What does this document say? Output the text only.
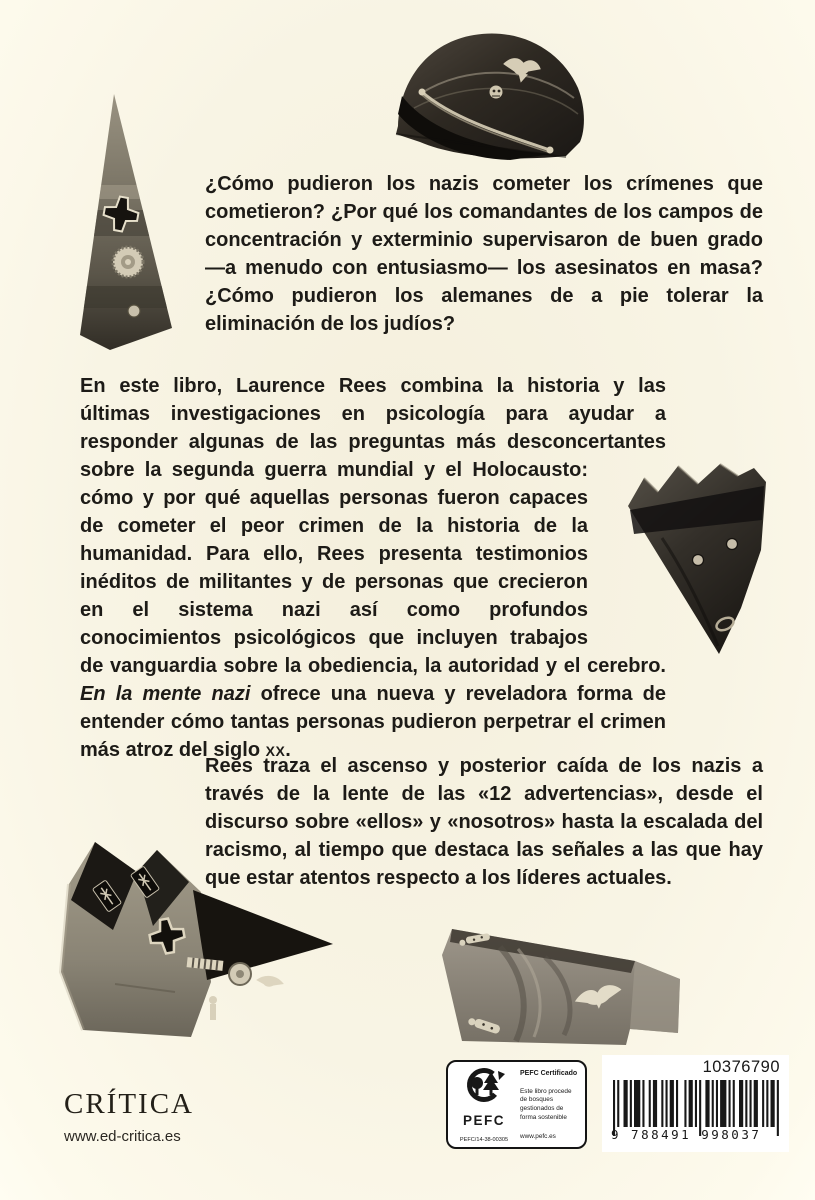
¿Cómo pudieron los nazis cometer los crímenes que cometieron? ¿Por qué los comandantes de los campos de concentración y exterminio supervisaron de buen grado —a menudo con entusiasmo— los asesinatos en masa? ¿Cómo pudieron los alemanes de a pie tolerar la eliminación de los judíos?

En este libro, Laurence Rees combina la historia y las últimas investigaciones en psicología para ayudar a responder algunas de las preguntas más desconcertantes sobre la segunda
guerra mundial y el Holocausto: cómo y por qué aquellas personas fueron capaces de cometer el peor crimen de la historia de la humanidad. Para ello, Rees presenta testimonios inéditos de militantes y de personas que crecieron en el sistema nazi así como profundos conocimientos psicológicos que incluyen trabajos de vanguardia sobre la obediencia, la autoridad y el cerebro. En la mente nazi ofrece una nueva y reveladora forma de entender cómo tantas personas pudieron perpetrar el crimen más atroz del siglo xx.

Rees traza el ascenso y posterior caída de los nazis a través de la lente de las «12 advertencias», desde el discurso sobre «ellos» y «nosotros» hasta la escalada del racismo, al tiempo que destaca las señales a las que hay que estar atentos respecto a los líderes actuales.

CRÍTICA
www.ed-critica.es
PEFC
PEFC/14-38-00305
PEFC Certificado
Este libro procede de bosques gestionados de forma sostenible
www.pefc.es
10376790
9 788491 998037
